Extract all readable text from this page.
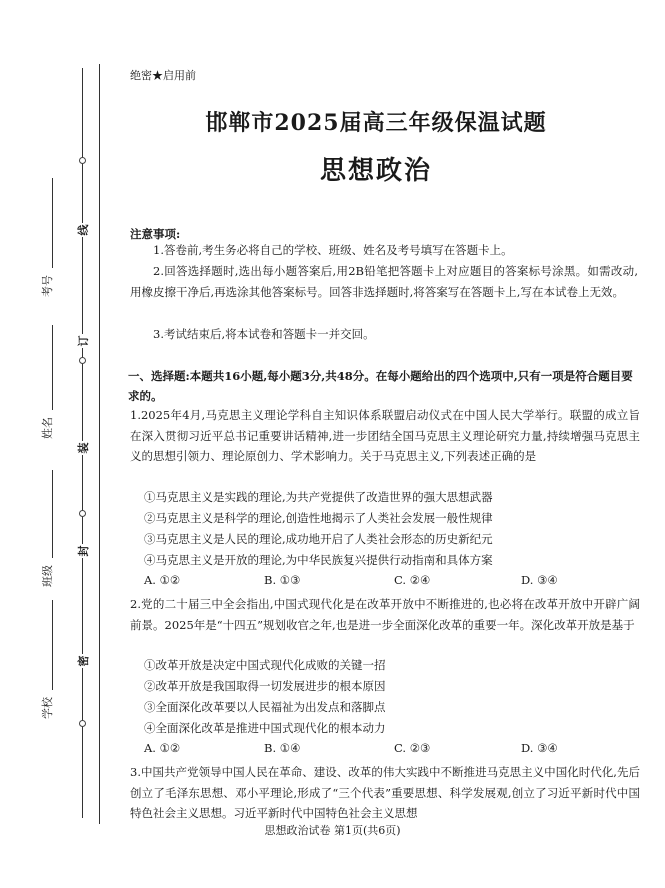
线
订
装
封
密
考号
姓名
班级
学校
绝密★启用前
邯郸市2025届高三年级保温试题
思想政治
注意事项:
1.答卷前,考生务必将自己的学校、班级、姓名及考号填写在答题卡上。
2.回答选择题时,选出每小题答案后,用2B铅笔把答题卡上对应题目的答案标号涂黑。如需改动,用橡皮擦干净后,再选涂其他答案标号。回答非选择题时,将答案写在答题卡上,写在本试卷上无效。
3.考试结束后,将本试卷和答题卡一并交回。
一、选择题:本题共16小题,每小题3分,共48分。在每小题给出的四个选项中,只有一项是符合题目要求的。
1.2025年4月,马克思主义理论学科自主知识体系联盟启动仪式在中国人民大学举行。联盟的成立旨在深入贯彻习近平总书记重要讲话精神,进一步团结全国马克思主义理论研究力量,持续增强马克思主义的思想引领力、理论原创力、学术影响力。关于马克思主义,下列表述正确的是
①马克思主义是实践的理论,为共产党提供了改造世界的强大思想武器
②马克思主义是科学的理论,创造性地揭示了人类社会发展一般性规律
③马克思主义是人民的理论,成功地开启了人类社会形态的历史新纪元
④马克思主义是开放的理论,为中华民族复兴提供行动指南和具体方案
A. ①②	B. ①③	C. ②④	D. ③④
2.党的二十届三中全会指出,中国式现代化是在改革开放中不断推进的,也必将在改革开放中开辟广阔前景。2025年是“十四五”规划收官之年,也是进一步全面深化改革的重要一年。深化改革开放是基于
①改革开放是决定中国式现代化成败的关键一招
②改革开放是我国取得一切发展进步的根本原因
③全面深化改革要以人民福祉为出发点和落脚点
④全面深化改革是推进中国式现代化的根本动力
A. ①②	B. ①④	C. ②③	D. ③④
3.中国共产党领导中国人民在革命、建设、改革的伟大实践中不断推进马克思主义中国化时代化,先后创立了毛泽东思想、邓小平理论,形成了“三个代表”重要思想、科学发展观,创立了习近平新时代中国特色社会主义思想。习近平新时代中国特色社会主义思想
思想政治试卷 第1页(共6页)
